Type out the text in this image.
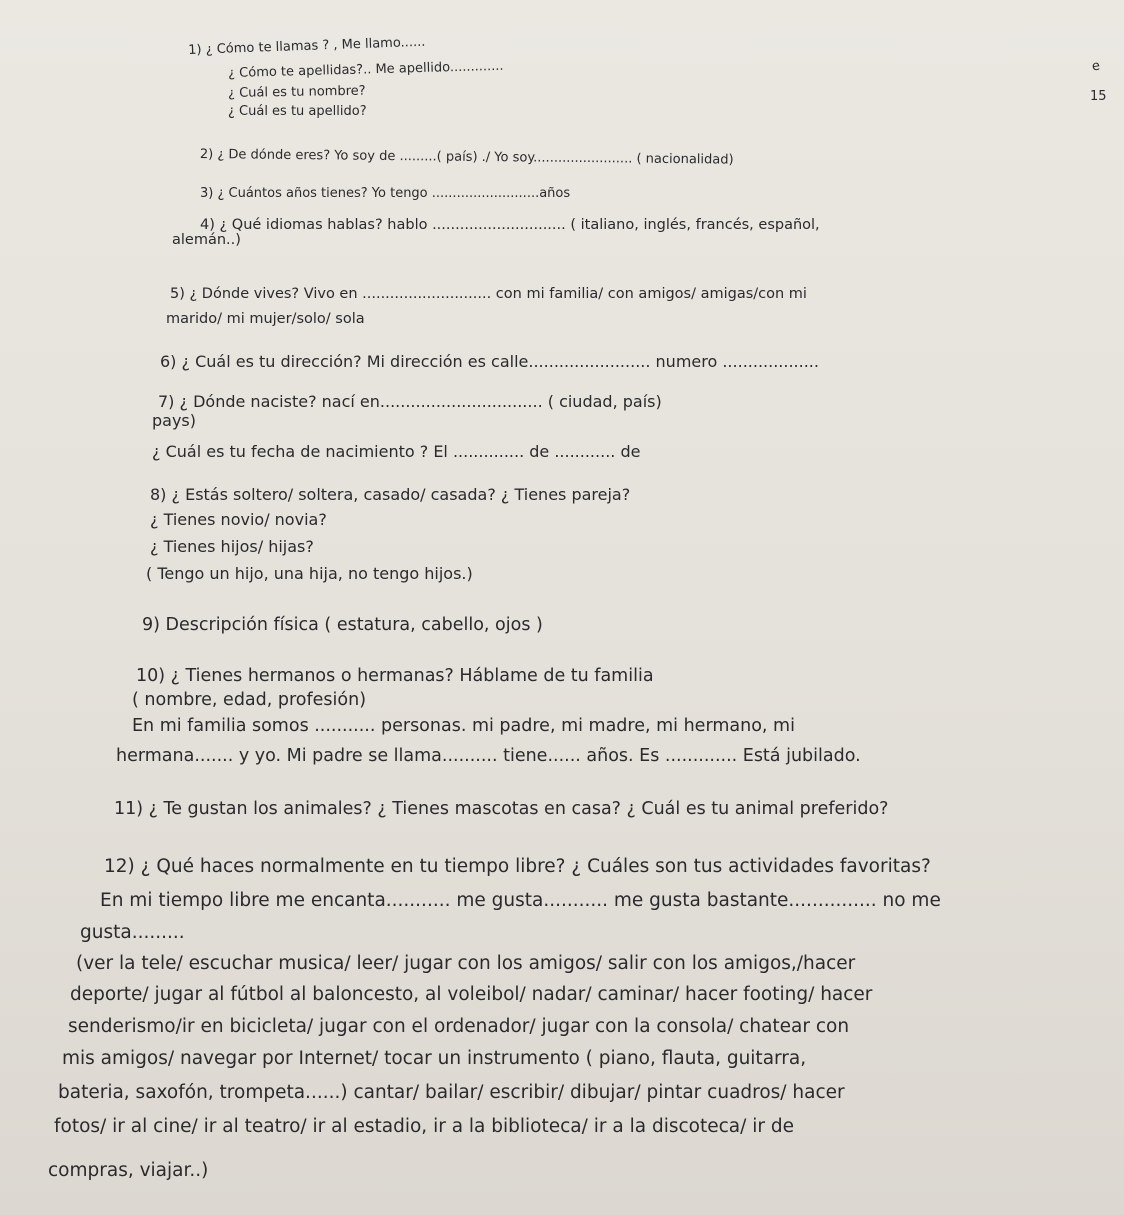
e
15
1) ¿ Cómo te llamas ? , Me llamo......
¿ Cómo te apellidas?.. Me apellido.............
¿ Cuál es tu nombre?
¿ Cuál es tu apellido?
2) ¿ De dónde eres? Yo soy de .........( país) ./ Yo soy........................ ( nacionalidad)
3) ¿ Cuántos años tienes? Yo tengo ..........................años
4) ¿ Qué idiomas hablas? hablo ............................. ( italiano, inglés, francés, español,
alemán..)
5) ¿ Dónde vives? Vivo en ............................ con mi familia/ con amigos/ amigas/con mi
marido/ mi mujer/solo/ sola
6) ¿ Cuál es tu dirección? Mi dirección es calle........................ numero ...................
7) ¿ Dónde naciste? nací en................................ ( ciudad, país)
pays)
¿ Cuál es tu fecha de nacimiento ? El .............. de ............ de
8) ¿ Estás soltero/ soltera, casado/ casada? ¿ Tienes pareja?
¿ Tienes novio/ novia?
¿ Tienes hijos/ hijas?
( Tengo un hijo, una hija, no tengo hijos.)
9) Descripción física ( estatura, cabello, ojos )
10) ¿ Tienes hermanos o hermanas? Háblame de tu familia
( nombre, edad, profesión)
En mi familia somos ........... personas. mi padre, mi madre, mi hermano, mi
hermana....... y yo. Mi padre se llama.......... tiene...... años. Es ............. Está jubilado.
11) ¿ Te gustan los animales? ¿ Tienes mascotas en casa? ¿ Cuál es tu animal preferido?
12) ¿ Qué haces normalmente en tu tiempo libre? ¿ Cuáles son tus actividades favoritas?
En mi tiempo libre me encanta........... me gusta........... me gusta bastante............... no me
gusta.........
(ver la tele/ escuchar musica/ leer/ jugar con los amigos/ salir con los amigos,/hacer
deporte/ jugar al fútbol al baloncesto, al voleibol/ nadar/ caminar/ hacer footing/ hacer
senderismo/ir en bicicleta/ jugar con el ordenador/ jugar con la consola/ chatear con
mis amigos/ navegar por Internet/ tocar un instrumento ( piano, flauta, guitarra,
bateria, saxofón, trompeta......) cantar/ bailar/ escribir/ dibujar/ pintar cuadros/ hacer
fotos/ ir al cine/ ir al teatro/ ir al estadio, ir a la biblioteca/ ir a la discoteca/ ir de
compras, viajar..)
